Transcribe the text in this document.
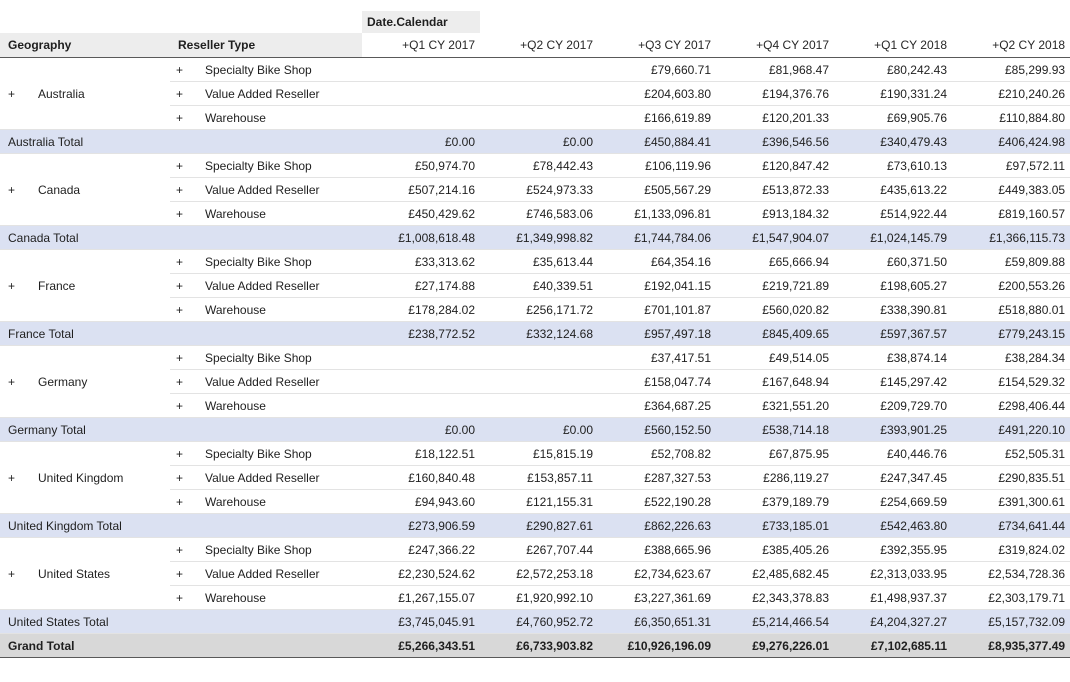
		Date.Calendar					
Geography	Reseller Type	+Q1 CY 2017	+Q2 CY 2017	+Q3 CY 2017	+Q4 CY 2017	+Q1 CY 2018	+Q2 CY 2018
+ Australia	+ Specialty Bike Shop			£79,660.71	£81,968.47	£80,242.43	£85,299.93
	+ Value Added Reseller			£204,603.80	£194,376.76	£190,331.24	£210,240.26
	+ Warehouse			£166,619.89	£120,201.33	£69,905.76	£110,884.80
Australia Total		£0.00	£0.00	£450,884.41	£396,546.56	£340,479.43	£406,424.98
+ Canada	+ Specialty Bike Shop	£50,974.70	£78,442.43	£106,119.96	£120,847.42	£73,610.13	£97,572.11
	+ Value Added Reseller	£507,214.16	£524,973.33	£505,567.29	£513,872.33	£435,613.22	£449,383.05
	+ Warehouse	£450,429.62	£746,583.06	£1,133,096.81	£913,184.32	£514,922.44	£819,160.57
Canada Total		£1,008,618.48	£1,349,998.82	£1,744,784.06	£1,547,904.07	£1,024,145.79	£1,366,115.73
+ France	+ Specialty Bike Shop	£33,313.62	£35,613.44	£64,354.16	£65,666.94	£60,371.50	£59,809.88
	+ Value Added Reseller	£27,174.88	£40,339.51	£192,041.15	£219,721.89	£198,605.27	£200,553.26
	+ Warehouse	£178,284.02	£256,171.72	£701,101.87	£560,020.82	£338,390.81	£518,880.01
France Total		£238,772.52	£332,124.68	£957,497.18	£845,409.65	£597,367.57	£779,243.15
+ Germany	+ Specialty Bike Shop			£37,417.51	£49,514.05	£38,874.14	£38,284.34
	+ Value Added Reseller			£158,047.74	£167,648.94	£145,297.42	£154,529.32
	+ Warehouse			£364,687.25	£321,551.20	£209,729.70	£298,406.44
Germany Total		£0.00	£0.00	£560,152.50	£538,714.18	£393,901.25	£491,220.10
+ United Kingdom	+ Specialty Bike Shop	£18,122.51	£15,815.19	£52,708.82	£67,875.95	£40,446.76	£52,505.31
	+ Value Added Reseller	£160,840.48	£153,857.11	£287,327.53	£286,119.27	£247,347.45	£290,835.51
	+ Warehouse	£94,943.60	£121,155.31	£522,190.28	£379,189.79	£254,669.59	£391,300.61
United Kingdom Total		£273,906.59	£290,827.61	£862,226.63	£733,185.01	£542,463.80	£734,641.44
+ United States	+ Specialty Bike Shop	£247,366.22	£267,707.44	£388,665.96	£385,405.26	£392,355.95	£319,824.02
	+ Value Added Reseller	£2,230,524.62	£2,572,253.18	£2,734,623.67	£2,485,682.45	£2,313,033.95	£2,534,728.36
	+ Warehouse	£1,267,155.07	£1,920,992.10	£3,227,361.69	£2,343,378.83	£1,498,937.37	£2,303,179.71
United States Total		£3,745,045.91	£4,760,952.72	£6,350,651.31	£5,214,466.54	£4,204,327.27	£5,157,732.09
Grand Total		£5,266,343.51	£6,733,903.82	£10,926,196.09	£9,276,226.01	£7,102,685.11	£8,935,377.49
